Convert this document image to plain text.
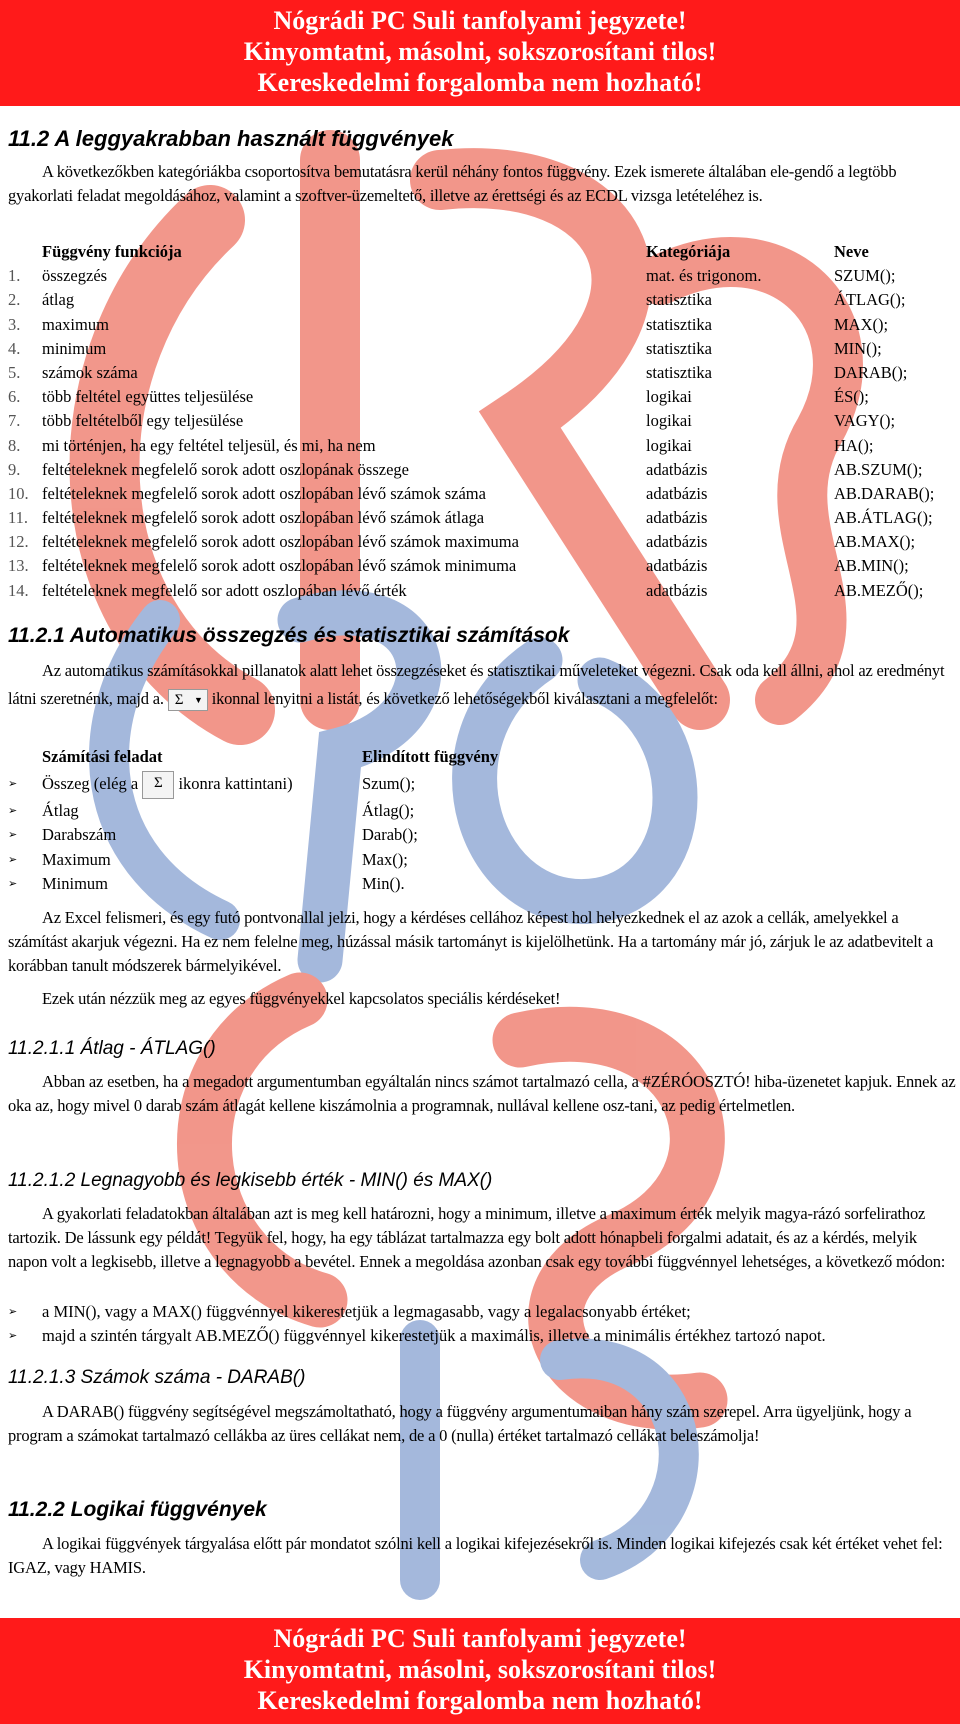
Nógrádi PC Suli tanfolyami jegyzete!
Kinyomtatni, másolni, sokszorosítani tilos!
Kereskedelmi forgalomba nem hozható!
11.2 A leggyakrabban használt függvények
A következőkben kategóriákba csoportosítva bemutatásra kerül néhány fontos függvény. Ezek ismerete általában ele-gendő a legtöbb gyakorlati feladat megoldásához, valamint a szoftver-üzemeltető, illetve az érettségi és az ECDL vizsga letételéhez is.
Függvény funkciója	Kategóriája	Neve
1.	összegzés	mat. és trigonom.	SZUM();
2.	átlag	statisztika	ÁTLAG();
3.	maximum	statisztika	MAX();
4.	minimum	statisztika	MIN();
5.	számok száma	statisztika	DARAB();
6.	több feltétel együttes teljesülése	logikai	ÉS();
7.	több feltételből egy teljesülése	logikai	VAGY();
8.	mi történjen, ha egy feltétel teljesül, és mi, ha nem	logikai	HA();
9.	feltételeknek megfelelő sorok adott oszlopának összege	adatbázis	AB.SZUM();
10. feltételeknek megfelelő sorok adott oszlopában lévő számok száma	adatbázis	AB.DARAB();
11. feltételeknek megfelelő sorok adott oszlopában lévő számok átlaga	adatbázis	AB.ÁTLAG();
12. feltételeknek megfelelő sorok adott oszlopában lévő számok maximuma	adatbázis	AB.MAX();
13. feltételeknek megfelelő sorok adott oszlopában lévő számok minimuma	adatbázis	AB.MIN();
14. feltételeknek megfelelő sor adott oszlopában lévő érték	adatbázis	AB.MEZŐ();
11.2.1 Automatikus összegzés és statisztikai számítások
Az automatikus számításokkal pillanatok alatt lehet összegzéseket és statisztikai műveleteket végezni. Csak oda kell állni, ahol az eredményt látni szeretnénk, majd a. Σ ▼ ikonnal lenyitni a listát, és következő lehetőségekből kiválasztani a megfelelőt:
Számítási feladat	Elindított függvény
➢	Összeg (elég a Σ ikonra kattintani)	Szum();
➢	Átlag	Átlag();
➢	Darabszám	Darab();
➢	Maximum	Max();
➢	Minimum	Min().
Az Excel felismeri, és egy futó pontvonallal jelzi, hogy a kérdéses cellához képest hol helyezkednek el az azok a cellák, amelyekkel a számítást akarjuk végezni. Ha ez nem felelne meg, húzással másik tartományt is kijelölhetünk. Ha a tartomány már jó, zárjuk le az adatbevitelt a korábban tanult módszerek bármelyikével.
Ezek után nézzük meg az egyes függvényekkel kapcsolatos speciális kérdéseket!
11.2.1.1 Átlag - ÁTLAG()
Abban az esetben, ha a megadott argumentumban egyáltalán nincs számot tartalmazó cella, a #ZÉRÓOSZTÓ! hiba-üzenetet kapjuk. Ennek az oka az, hogy mivel 0 darab szám átlagát kellene kiszámolnia a programnak, nullával kellene osz-tani, az pedig értelmetlen.
11.2.1.2 Legnagyobb és legkisebb érték - MIN() és MAX()
A gyakorlati feladatokban általában azt is meg kell határozni, hogy a minimum, illetve a maximum érték melyik magya-rázó sorfelirathoz tartozik. De lássunk egy példát! Tegyük fel, hogy, ha egy táblázat tartalmazza egy bolt adott hónapbeli forgalmi adatait, és az a kérdés, melyik napon volt a legkisebb, illetve a legnagyobb a bevétel. Ennek a megoldása azonban csak egy további függvénnyel lehetséges, a következő módon:
➢ a MIN(), vagy a MAX() függvénnyel kikerestetjük a legmagasabb, vagy a legalacsonyabb értéket;
➢ majd a szintén tárgyalt AB.MEZŐ() függvénnyel kikerestetjük a maximális, illetve a minimális értékhez tartozó napot.
11.2.1.3 Számok száma - DARAB()
A DARAB() függvény segítségével megszámoltatható, hogy a függvény argumentumaiban hány szám szerepel. Arra ügyeljünk, hogy a program a számokat tartalmazó cellákba az üres cellákat nem, de a 0 (nulla) értéket tartalmazó cellákat beleszámolja!
11.2.2 Logikai függvények
A logikai függvények tárgyalása előtt pár mondatot szólni kell a logikai kifejezésekről is. Minden logikai kifejezés csak két értéket vehet fel: IGAZ, vagy HAMIS.
Nógrádi PC Suli tanfolyami jegyzete!
Kinyomtatni, másolni, sokszorosítani tilos!
Kereskedelmi forgalomba nem hozható!
